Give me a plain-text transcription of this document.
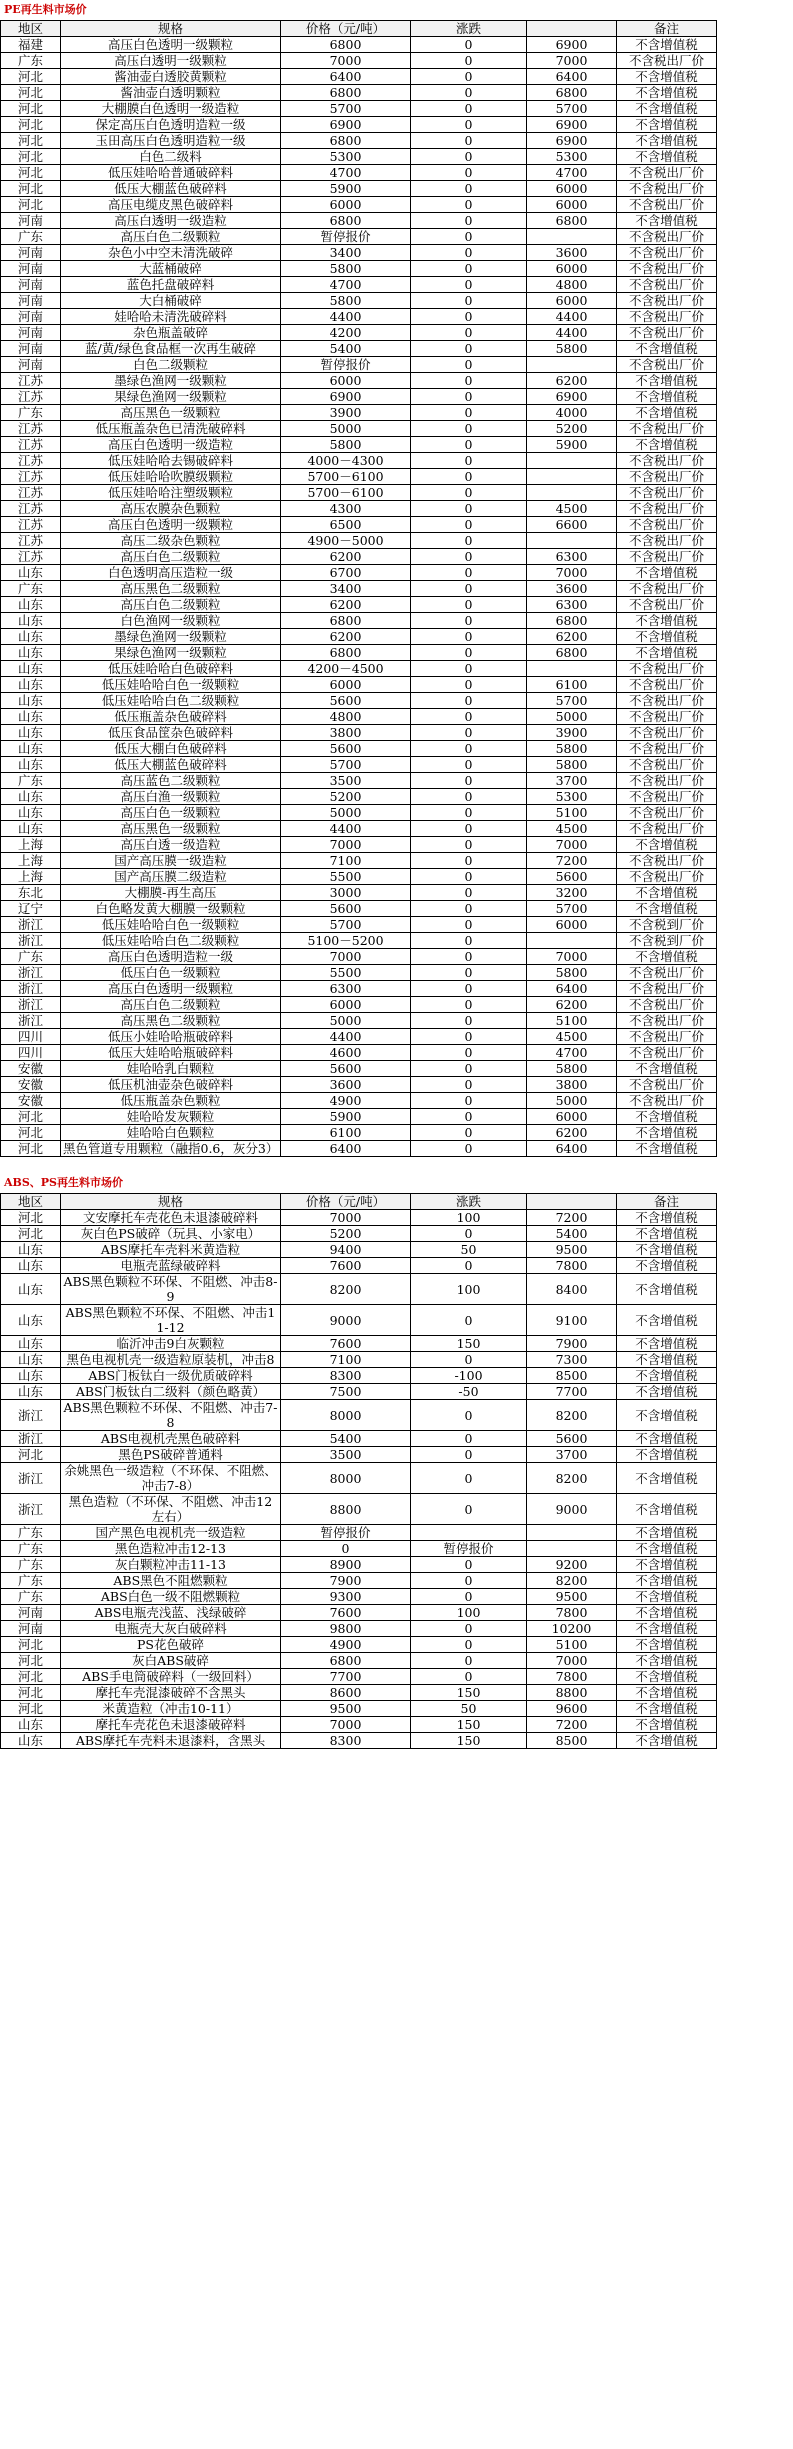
PE再生料市场价
地区	规格	价格（元/吨）	涨跌		备注
福建	高压白色透明一级颗粒	6800	0	6900	不含增值税
广东	高压白透明一级颗粒	7000	0	7000	不含税出厂价
河北	酱油壶白透胶黄颗粒	6400	0	6400	不含增值税
河北	酱油壶白透明颗粒	6800	0	6800	不含增值税
河北	大棚膜白色透明一级造粒	5700	0	5700	不含增值税
河北	保定高压白色透明造粒一级	6900	0	6900	不含增值税
河北	玉田高压白色透明造粒一级	6800	0	6900	不含增值税
河北	白色二级料	5300	0	5300	不含增值税
河北	低压娃哈哈普通破碎料	4700	0	4700	不含税出厂价
河北	低压大棚蓝色破碎料	5900	0	6000	不含税出厂价
河北	高压电缆皮黑色破碎料	6000	0	6000	不含税出厂价
河南	高压白透明一级造粒	6800	0	6800	不含增值税
广东	高压白色二级颗粒	暂停报价	0		不含税出厂价
河南	杂色小中空未清洗破碎	3400	0	3600	不含税出厂价
河南	大蓝桶破碎	5800	0	6000	不含税出厂价
河南	蓝色托盘破碎料	4700	0	4800	不含税出厂价
河南	大白桶破碎	5800	0	6000	不含税出厂价
河南	娃哈哈未清洗破碎料	4400	0	4400	不含税出厂价
河南	杂色瓶盖破碎	4200	0	4400	不含税出厂价
河南	蓝/黄/绿色食品框一次再生破碎	5400	0	5800	不含增值税
河南	白色二级颗粒	暂停报价	0		不含税出厂价
江苏	墨绿色渔网一级颗粒	6000	0	6200	不含增值税
江苏	果绿色渔网一级颗粒	6900	0	6900	不含增值税
广东	高压黑色一级颗粒	3900	0	4000	不含增值税
江苏	低压瓶盖杂色已清洗破碎料	5000	0	5200	不含税出厂价
江苏	高压白色透明一级造粒	5800	0	5900	不含增值税
江苏	低压娃哈哈去锡破碎料	4000－4300	0		不含税出厂价
江苏	低压娃哈哈吹膜级颗粒	5700－6100	0		不含税出厂价
江苏	低压娃哈哈注塑级颗粒	5700－6100	0		不含税出厂价
江苏	高压农膜杂色颗粒	4300	0	4500	不含税出厂价
江苏	高压白色透明一级颗粒	6500	0	6600	不含税出厂价
江苏	高压二级杂色颗粒	4900－5000	0		不含税出厂价
江苏	高压白色二级颗粒	6200	0	6300	不含税出厂价
山东	白色透明高压造粒一级	6700	0	7000	不含增值税
广东	高压黑色二级颗粒	3400	0	3600	不含税出厂价
山东	高压白色二级颗粒	6200	0	6300	不含税出厂价
山东	白色渔网一级颗粒	6800	0	6800	不含增值税
山东	墨绿色渔网一级颗粒	6200	0	6200	不含增值税
山东	果绿色渔网一级颗粒	6800	0	6800	不含增值税
山东	低压娃哈哈白色破碎料	4200－4500	0		不含税出厂价
山东	低压娃哈哈白色一级颗粒	6000	0	6100	不含税出厂价
山东	低压娃哈哈白色二级颗粒	5600	0	5700	不含税出厂价
山东	低压瓶盖杂色破碎料	4800	0	5000	不含税出厂价
山东	低压食品筐杂色破碎料	3800	0	3900	不含税出厂价
山东	低压大棚白色破碎料	5600	0	5800	不含税出厂价
山东	低压大棚蓝色破碎料	5700	0	5800	不含税出厂价
广东	高压蓝色二级颗粒	3500	0	3700	不含税出厂价
山东	高压白渔一级颗粒	5200	0	5300	不含税出厂价
山东	高压白色一级颗粒	5000	0	5100	不含税出厂价
山东	高压黑色一级颗粒	4400	0	4500	不含税出厂价
上海	高压白透一级造粒	7000	0	7000	不含增值税
上海	国产高压膜一级造粒	7100	0	7200	不含税出厂价
上海	国产高压膜二级造粒	5500	0	5600	不含税出厂价
东北	大棚膜-再生高压	3000	0	3200	不含增值税
辽宁	白色略发黄大棚膜一级颗粒	5600	0	5700	不含增值税
浙江	低压娃哈哈白色一级颗粒	5700	0	6000	不含税到厂价
浙江	低压娃哈哈白色二级颗粒	5100－5200	0		不含税到厂价
广东	高压白色透明造粒一级	7000	0	7000	不含增值税
浙江	低压白色一级颗粒	5500	0	5800	不含税出厂价
浙江	高压白色透明一级颗粒	6300	0	6400	不含税出厂价
浙江	高压白色二级颗粒	6000	0	6200	不含税出厂价
浙江	高压黑色二级颗粒	5000	0	5100	不含税出厂价
四川	低压小娃哈哈瓶破碎料	4400	0	4500	不含税出厂价
四川	低压大娃哈哈瓶破碎料	4600	0	4700	不含税出厂价
安徽	娃哈哈乳白颗粒	5600	0	5800	不含增值税
安徽	低压机油壶杂色破碎料	3600	0	3800	不含税出厂价
安徽	低压瓶盖杂色颗粒	4900	0	5000	不含税出厂价
河北	娃哈哈发灰颗粒	5900	0	6000	不含增值税
河北	娃哈哈白色颗粒	6100	0	6200	不含增值税
河北	黑色管道专用颗粒（融指0.6，灰分3）	6400	0	6400	不含增值税
ABS、PS再生料市场价
地区	规格	价格（元/吨）	涨跌		备注
河北	文安摩托车壳花色未退漆破碎料	7000	100	7200	不含增值税
河北	灰白色PS破碎（玩具、小家电）	5200	0	5400	不含增值税
山东	ABS摩托车壳料米黄造粒	9400	50	9500	不含增值税
山东	电瓶壳蓝绿破碎料	7600	0	7800	不含增值税
山东	ABS黑色颗粒不环保、不阻燃、冲击8-9	8200	100	8400	不含增值税
山东	ABS黑色颗粒不环保、不阻燃、冲击11-12	9000	0	9100	不含增值税
山东	临沂冲击9白灰颗粒	7600	150	7900	不含增值税
山东	黑色电视机壳一级造粒原装机，冲击8	7100	0	7300	不含增值税
山东	ABS门板钛白一级优质破碎料	8300	-100	8500	不含增值税
山东	ABS门板钛白二级料（颜色略黄）	7500	-50	7700	不含增值税
浙江	ABS黑色颗粒不环保、不阻燃、冲击7-8	8000	0	8200	不含增值税
浙江	ABS电视机壳黑色破碎料	5400	0	5600	不含增值税
河北	黑色PS破碎普通料	3500	0	3700	不含增值税
浙江	余姚黑色一级造粒（不环保、不阻燃、冲击7-8）	8000	0	8200	不含增值税
浙江	黑色造粒（不环保、不阻燃、冲击12左右）	8800	0	9000	不含增值税
广东	国产黑色电视机壳一级造粒	暂停报价			不含增值税
广东	黑色造粒冲击12-13	0	暂停报价		不含增值税
广东	灰白颗粒冲击11-13	8900	0	9200	不含增值税
广东	ABS黑色不阻燃颗粒	7900	0	8200	不含增值税
广东	ABS白色一级不阻燃颗粒	9300	0	9500	不含增值税
河南	ABS电瓶壳浅蓝、浅绿破碎	7600	100	7800	不含增值税
河南	电瓶壳大灰白破碎料	9800	0	10200	不含增值税
河北	PS花色破碎	4900	0	5100	不含增值税
河北	灰白ABS破碎	6800	0	7000	不含增值税
河北	ABS手电筒破碎料（一级回料）	7700	0	7800	不含增值税
河北	摩托车壳混漆破碎不含黑头	8600	150	8800	不含增值税
河北	米黄造粒（冲击10-11）	9500	50	9600	不含增值税
山东	摩托车壳花色未退漆破碎料	7000	150	7200	不含增值税
山东	ABS摩托车壳料未退漆料，含黑头	8300	150	8500	不含增值税
